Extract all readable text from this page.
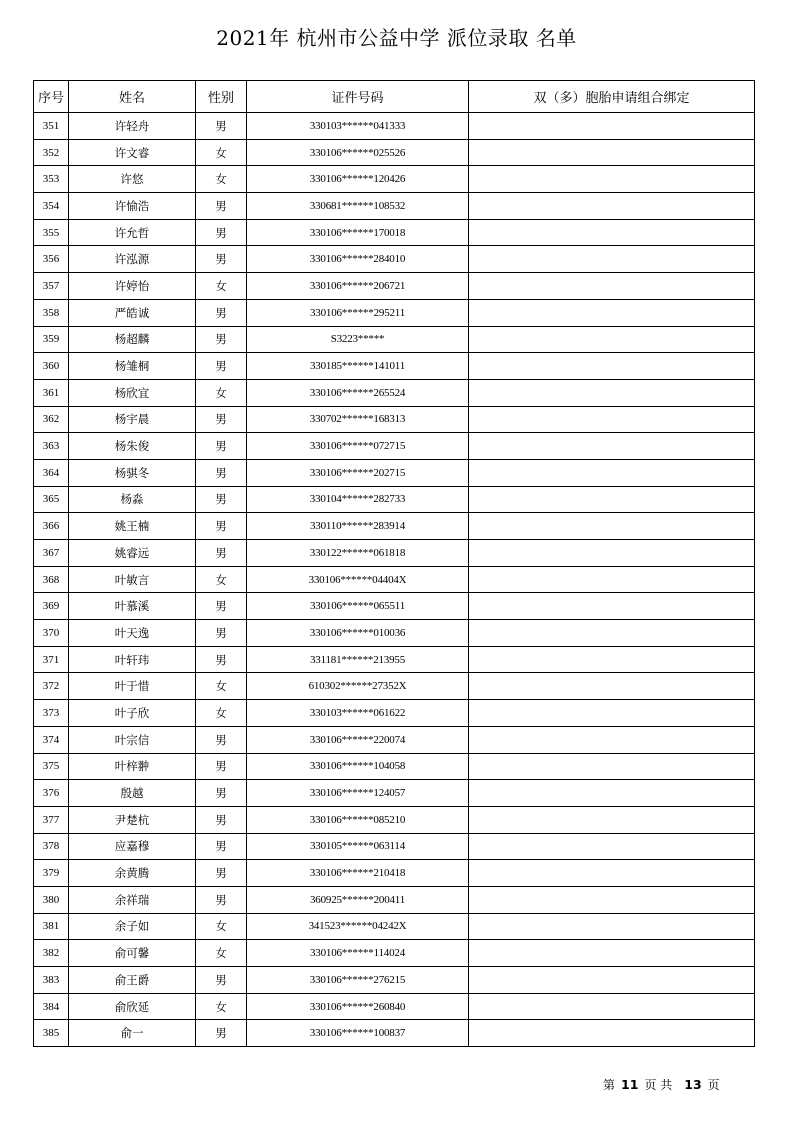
2021年 杭州市公益中学 派位录取 名单
序号	姓名	性别	证件号码	双（多）胞胎申请组合绑定
351	许轻舟	男	330103******041333	
352	许文睿	女	330106******025526	
353	许悠	女	330106******120426	
354	许愉浩	男	330681******108532	
355	许允哲	男	330106******170018	
356	许泓源	男	330106******284010	
357	许婷怡	女	330106******206721	
358	严皓诚	男	330106******295211	
359	杨超麟	男	S3223*****	
360	杨雏桐	男	330185******141011	
361	杨欣宜	女	330106******265524	
362	杨宇晨	男	330702******168313	
363	杨朱俊	男	330106******072715	
364	杨骐冬	男	330106******202715	
365	杨淼	男	330104******282733	
366	姚王楠	男	330110******283914	
367	姚睿远	男	330122******061818	
368	叶敏言	女	330106******04404X	
369	叶慕溪	男	330106******065511	
370	叶天逸	男	330106******010036	
371	叶轩玮	男	331181******213955	
372	叶于惜	女	610302******27352X	
373	叶子欣	女	330103******061622	
374	叶宗信	男	330106******220074	
375	叶梓翀	男	330106******104058	
376	殷越	男	330106******124057	
377	尹楚杭	男	330106******085210	
378	应嘉穆	男	330105******063114	
379	余黄腾	男	330106******210418	
380	余祥瑞	男	360925******200411	
381	余子如	女	341523******04242X	
382	俞可馨	女	330106******114024	
383	俞王爵	男	330106******276215	
384	俞欣延	女	330106******260840	
385	俞一	男	330106******100837	
第 11 页 共 13 页
